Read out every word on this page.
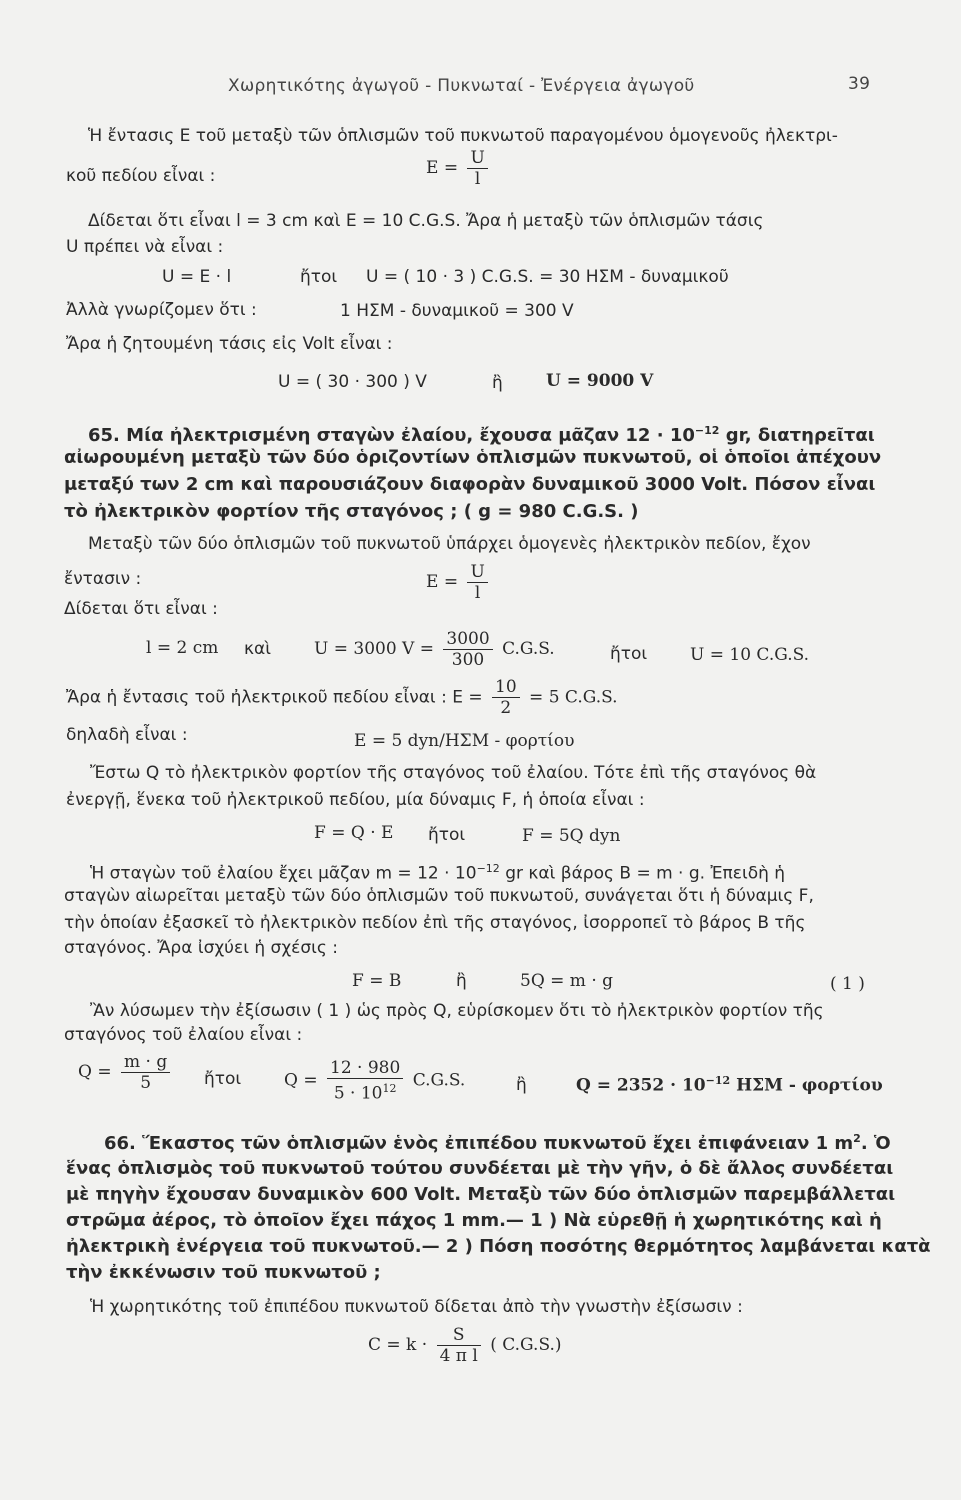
Χωρητικότης ἀγωγοῦ - Πυκνωταί - Ἐνέργεια ἀγωγοῦ	39
Ἡ ἔντασις E τοῦ μεταξὺ τῶν ὁπλισμῶν τοῦ πυκνωτοῦ παραγομένου ὁμογενοῦς ἠλεκτρι-
κοῦ πεδίου εἶναι :	$E = \frac{U}{l}$
Δίδεται ὅτι εἶναι l = 3 cm καὶ E = 10 C.G.S. Ἄρα ἡ μεταξὺ τῶν ὁπλισμῶν τάσις
U πρέπει νὰ εἶναι :
U = E · l	ἤτοι U = ( 10 · 3 ) C.G.S. = 30 ΗΣΜ - δυναμικοῦ
Ἀλλὰ γνωρίζομεν ὅτι :	1 ΗΣΜ - δυναμικοῦ = 300 V
Ἄρα ἡ ζητουμένη τάσις εἰς Volt εἶναι :
U = ( 30 · 300 ) V	ἢ	U = 9000 V
65. Μία ἠλεκτρισμένη σταγὼν ἐλαίου, ἔχουσα μᾶζαν $12 \cdot 10^{-12}$ gr, διατηρεῖται
αἰωρουμένη μεταξὺ τῶν δύο ὁριζοντίων ὁπλισμῶν πυκνωτοῦ, οἱ ὁποῖοι ἀπέχουν
μεταξύ των 2 cm καὶ παρουσιάζουν διαφορὰν δυναμικοῦ 3000 Volt. Πόσον εἶναι
τὸ ἠλεκτρικὸν φορτίον τῆς σταγόνος ; ( g = 980 C.G.S. )
Μεταξὺ τῶν δύο ὁπλισμῶν τοῦ πυκνωτοῦ ὑπάρχει ὁμογενὲς ἠλεκτρικὸν πεδίον, ἔχον
ἔντασιν :	$E = \frac{U}{l}$
Δίδεται ὅτι εἶναι :
l = 2 cm καὶ	U = 3000 $V = \frac{3000}{300} C.G.S$.	ἤτοι	U = 10 C.G.S.
Ἄρα ἡ ἔντασις τοῦ ἠλεκτρικοῦ πεδίου εἶναι : $E = \frac{10}{2} = 5$ C.G.S.
δηλαδὴ εἶναι :	E = 5 dyn/ΗΣΜ - φορτίου
Ἔστω Q τὸ ἠλεκτρικὸν φορτίον τῆς σταγόνος τοῦ ἐλαίου. Τότε ἐπὶ τῆς σταγόνος θὰ
ἐνεργῇ, ἕνεκα τοῦ ἠλεκτρικοῦ πεδίου, μία δύναμις F, ἡ ὁποία εἶναι :
F = Q · E ἤτοι	F = 5Q dyn
Ἡ σταγὼν τοῦ ἐλαίου ἔχει μᾶζαν $m = 12 \cdot 10^{-12}$ gr καὶ βάρος B = m · g. Ἐπειδὴ ἡ
σταγὼν αἰωρεῖται μεταξὺ τῶν δύο ὁπλισμῶν τοῦ πυκνωτοῦ, συνάγεται ὅτι ἡ δύναμις F,
τὴν ὁποίαν ἐξασκεῖ τὸ ἠλεκτρικὸν πεδίον ἐπὶ τῆς σταγόνος, ἰσορροπεῖ τὸ βάρος B τῆς
σταγόνος. Ἄρα ἰσχύει ἡ σχέσις :
F = B	ἢ	5Q = m · g	( 1 )
Ἂν λύσωμεν τὴν ἐξίσωσιν ( 1 ) ὡς πρὸς Q, εὑρίσκομεν ὅτι τὸ ἠλεκτρικὸν φορτίον τῆς
σταγόνος τοῦ ἐλαίου εἶναι :
$Q = \frac{m \cdot g}{5}$ ἤτοι	$Q = \frac{12 \cdot 980}{5 \cdot 10^{12}} C.G.S$.	ἢ	$Q = 2352 \cdot 10^{-12}$ ΗΣΜ - φορτίου
66. Ἕκαστος τῶν ὁπλισμῶν ἑνὸς ἐπιπέδου πυκνωτοῦ ἔχει ἐπιφάνειαν 1 $m^2$. Ὁ
ἕνας ὁπλισμὸς τοῦ πυκνωτοῦ τούτου συνδέεται μὲ τὴν γῆν, ὁ δὲ ἄλλος συνδέεται
μὲ πηγὴν ἔχουσαν δυναμικὸν 600 Volt. Μεταξὺ τῶν δύο ὁπλισμῶν παρεμβάλλεται
στρῶμα ἀέρος, τὸ ὁποῖον ἔχει πάχος 1 mm.— 1 ) Νὰ εὑρεθῇ ἡ χωρητικότης καὶ ἡ
ἠλεκτρικὴ ἐνέργεια τοῦ πυκνωτοῦ.— 2 ) Πόση ποσότης θερμότητος λαμβάνεται κατὰ
τὴν ἐκκένωσιν τοῦ πυκνωτοῦ ;
Ἡ χωρητικότης τοῦ ἐπιπέδου πυκνωτοῦ δίδεται ἀπὸ τὴν γνωστὴν ἐξίσωσιν :
$C = k \cdot \frac{S}{\text{4 π l}}$ ( C.G.S.)
